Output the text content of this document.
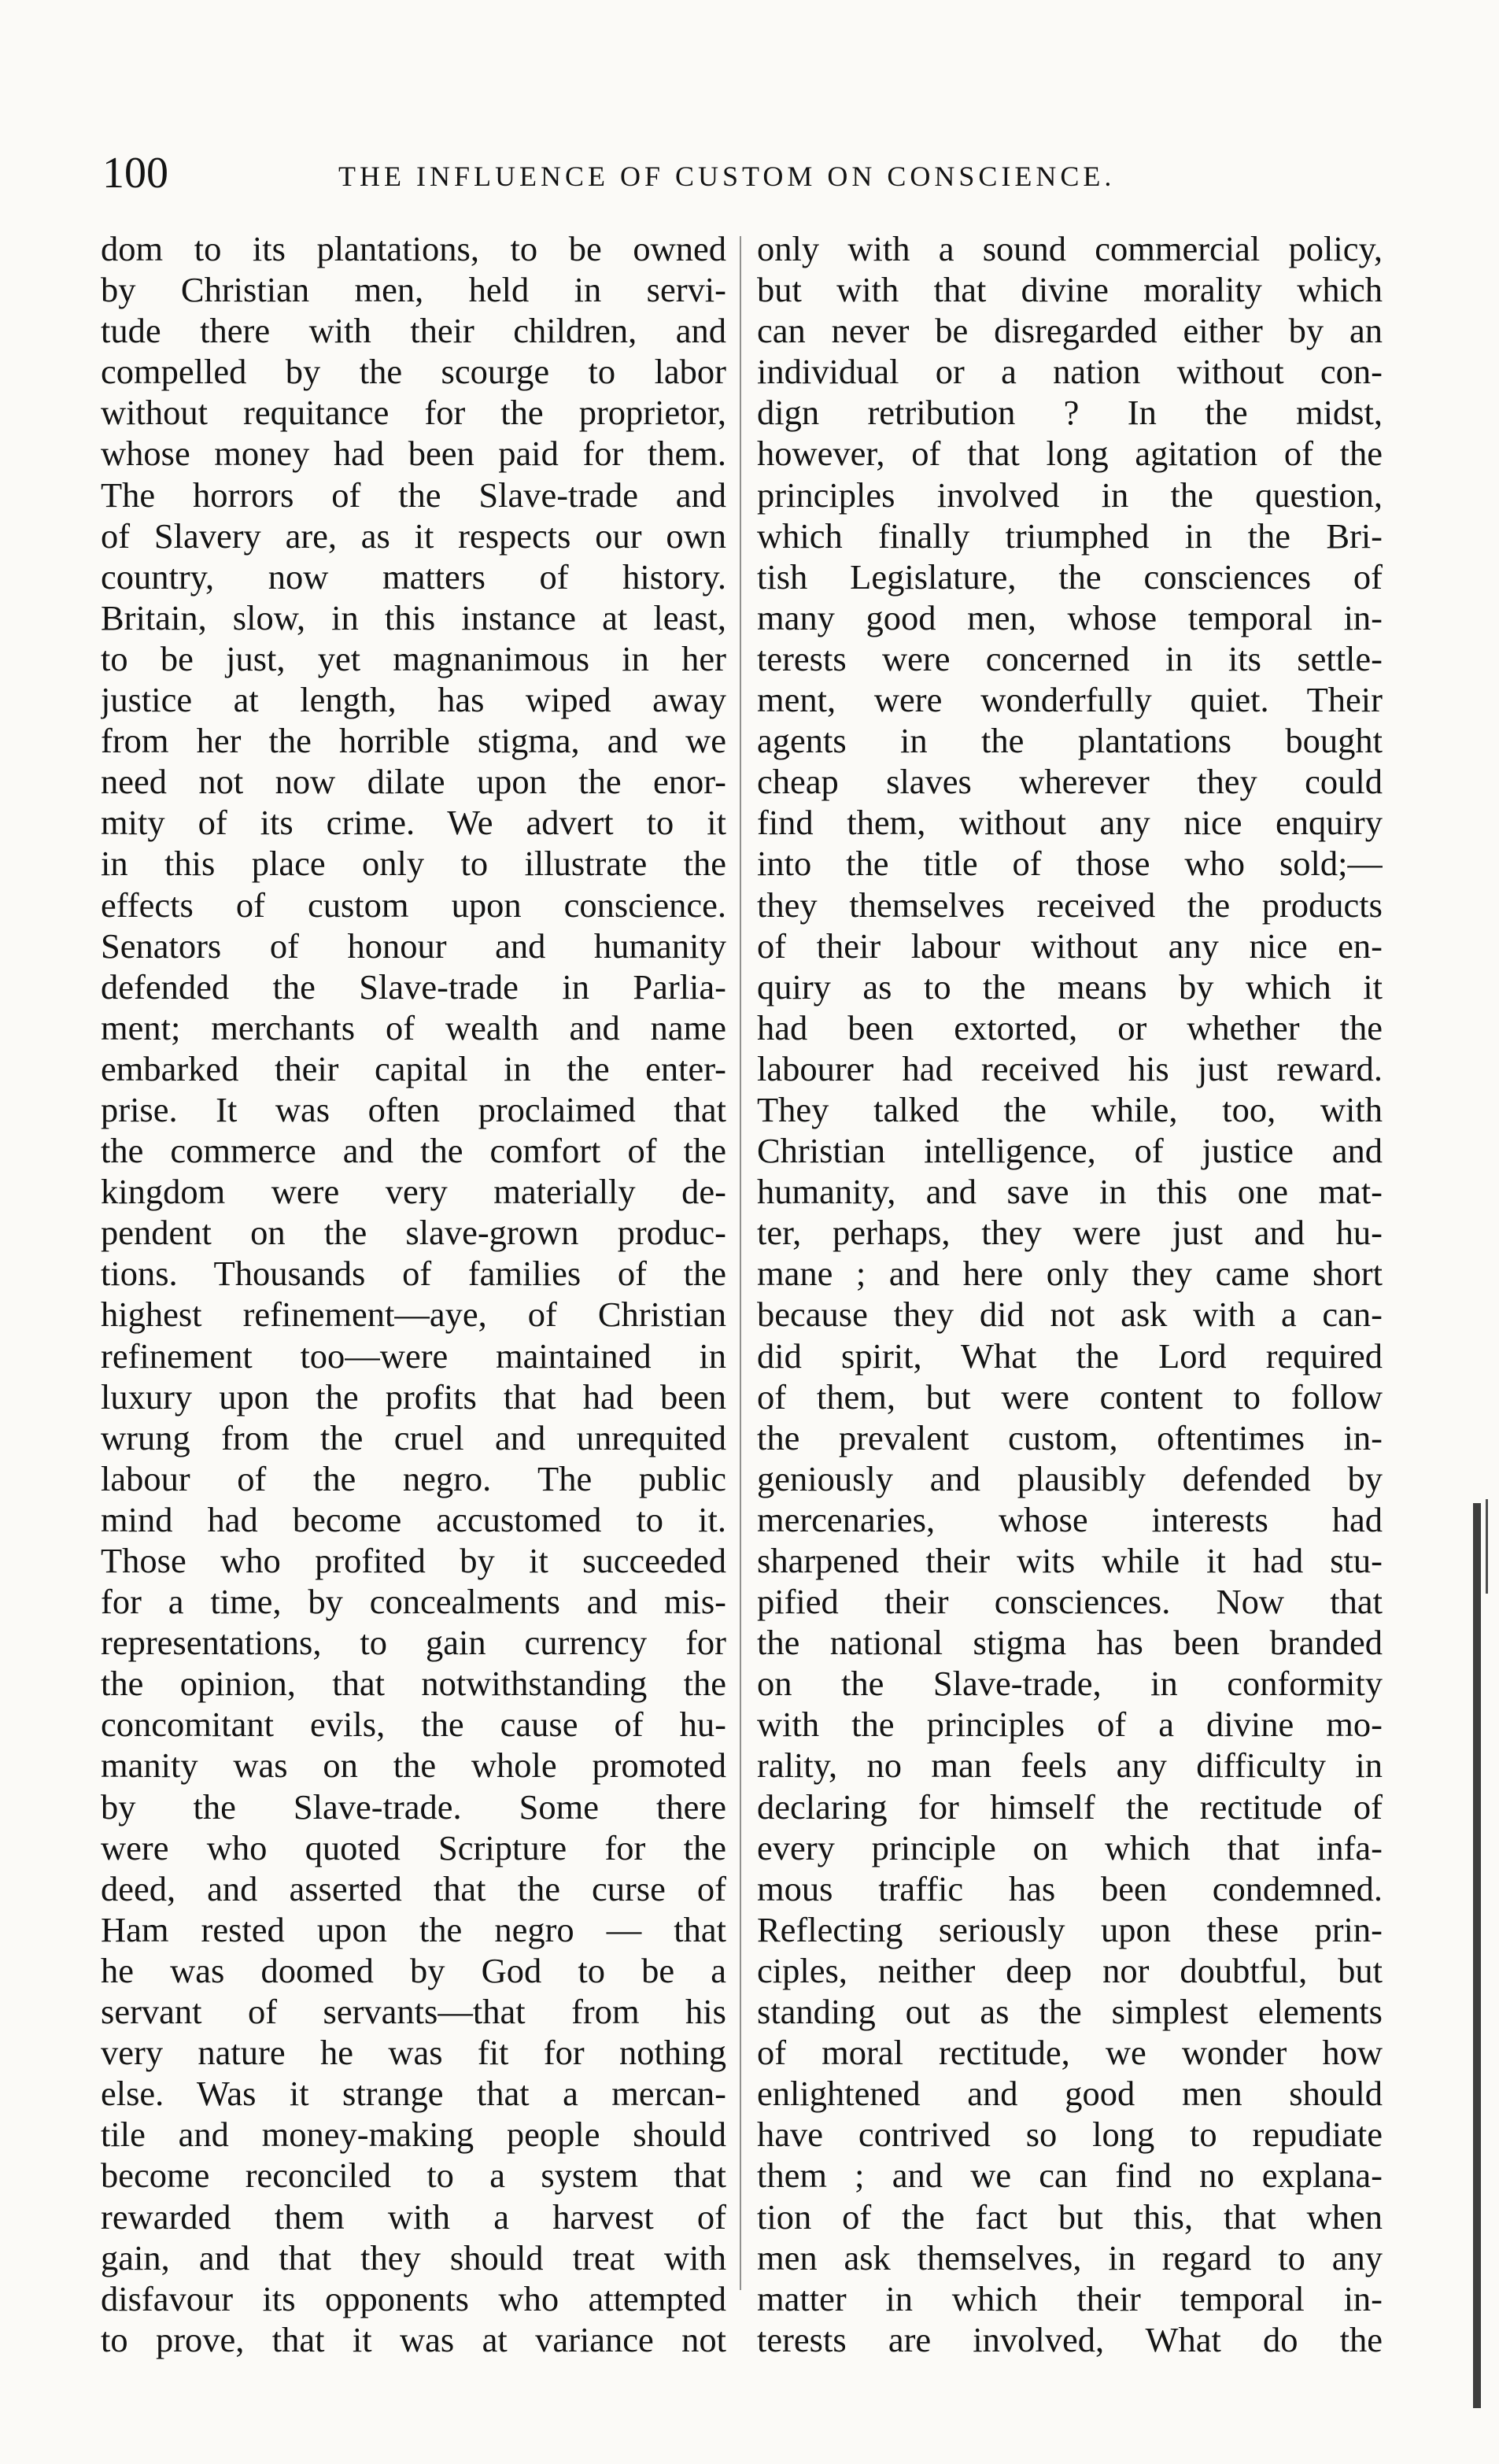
100	THE INFLUENCE OF CUSTOM ON CONSCIENCE.
dom to its plantations, to be owned
by Christian men, held in servi-
tude there with their children, and
compelled by the scourge to labor
without requitance for the proprietor,
whose money had been paid for them.
The horrors of the Slave-trade and
of Slavery are, as it respects our own
country, now matters of history.
Britain, slow, in this instance at least,
to be just, yet magnanimous in her
justice at length, has wiped away
from her the horrible stigma, and we
need not now dilate upon the enor-
mity of its crime. We advert to it
in this place only to illustrate the
effects of custom upon conscience.
Senators of honour and humanity
defended the Slave-trade in Parlia-
ment; merchants of wealth and name
embarked their capital in the enter-
prise. It was often proclaimed that
the commerce and the comfort of the
kingdom were very materially de-
pendent on the slave-grown produc-
tions. Thousands of families of the
highest refinement—aye, of Christian
refinement too—were maintained in
luxury upon the profits that had been
wrung from the cruel and unrequited
labour of the negro. The public
mind had become accustomed to it.
Those who profited by it succeeded
for a time, by concealments and mis-
representations, to gain currency for
the opinion, that notwithstanding the
concomitant evils, the cause of hu-
manity was on the whole promoted
by the Slave-trade. Some there
were who quoted Scripture for the
deed, and asserted that the curse of
Ham rested upon the negro — that
he was doomed by God to be a
servant of servants—that from his
very nature he was fit for nothing
else. Was it strange that a mercan-
tile and money-making people should
become reconciled to a system that
rewarded them with a harvest of
gain, and that they should treat with
disfavour its opponents who attempted
to prove, that it was at variance not
only with a sound commercial policy,
but with that divine morality which
can never be disregarded either by an
individual or a nation without con-
dign retribution ? In the midst,
however, of that long agitation of the
principles involved in the question,
which finally triumphed in the Bri-
tish Legislature, the consciences of
many good men, whose temporal in-
terests were concerned in its settle-
ment, were wonderfully quiet. Their
agents in the plantations bought
cheap slaves wherever they could
find them, without any nice enquiry
into the title of those who sold;—
they themselves received the products
of their labour without any nice en-
quiry as to the means by which it
had been extorted, or whether the
labourer had received his just reward.
They talked the while, too, with
Christian intelligence, of justice and
humanity, and save in this one mat-
ter, perhaps, they were just and hu-
mane ; and here only they came short
because they did not ask with a can-
did spirit, What the Lord required
of them, but were content to follow
the prevalent custom, oftentimes in-
geniously and plausibly defended by
mercenaries, whose interests had
sharpened their wits while it had stu-
pified their consciences. Now that
the national stigma has been branded
on the Slave-trade, in conformity
with the principles of a divine mo-
rality, no man feels any difficulty in
declaring for himself the rectitude of
every principle on which that infa-
mous traffic has been condemned.
Reflecting seriously upon these prin-
ciples, neither deep nor doubtful, but
standing out as the simplest elements
of moral rectitude, we wonder how
enlightened and good men should
have contrived so long to repudiate
them ; and we can find no explana-
tion of the fact but this, that when
men ask themselves, in regard to any
matter in which their temporal in-
terests are involved, What do the
